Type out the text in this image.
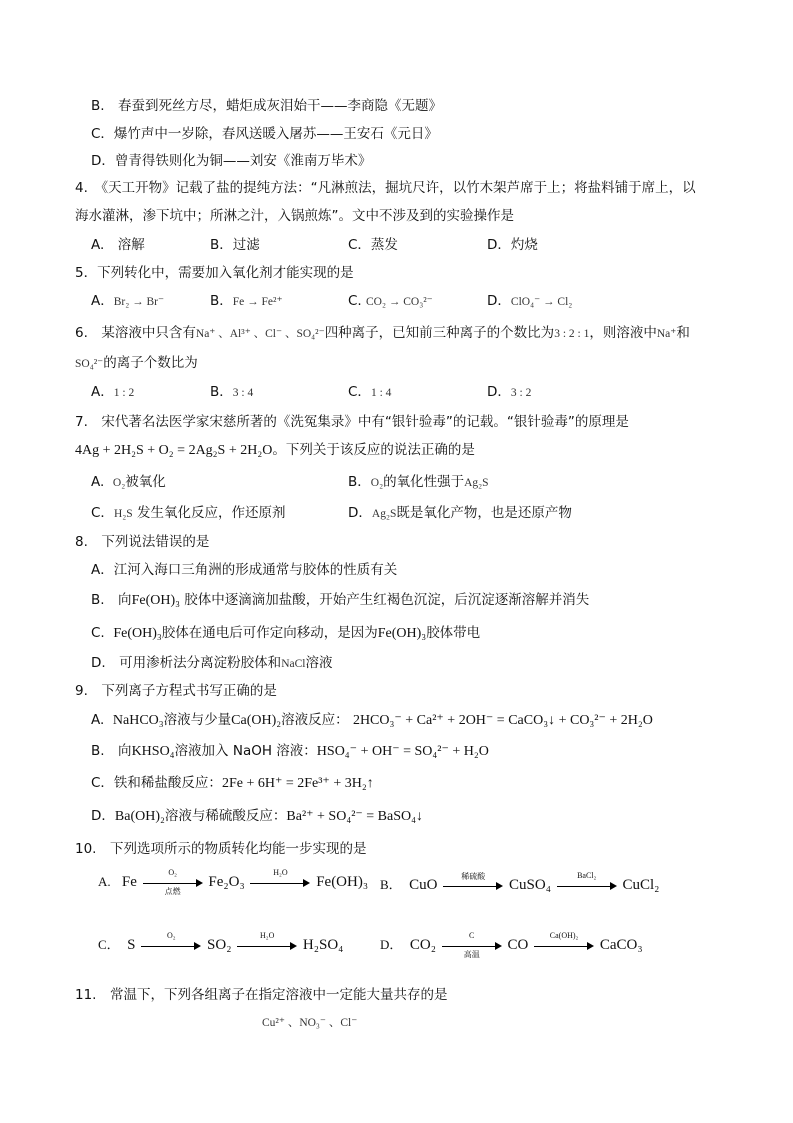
B.　春蚕到死丝方尽，蜡炬成灰泪始干——李商隐《无题》
C．爆竹声中一岁除，春风送暖入屠苏——王安石《元日》
D．曾青得铁则化为铜——刘安《淮南万毕术》
4.　《天工开物》记载了盐的提纯方法：“凡淋煎法，掘坑尺许，以竹木架芦席于上；将盐料铺于席上，以
海水灌淋，渗下坑中；所淋之汁，入锅煎炼”。文中不涉及到的实验操作是
A.　溶解	B．过滤	C．蒸发	D．灼烧
5．下列转化中，需要加入氧化剂才能实现的是
A．Br₂ → Br⁻	B．Fe → Fe²⁺	C. CO₂ → CO₃²⁻	D．ClO₄⁻ → Cl₂
6.　某溶液中只含有Na⁺ 、Al³⁺ 、Cl⁻ 、SO₄²⁻四种离子，已知前三种离子的个数比为3 : 2 : 1，则溶液中Na⁺和
SO₄²⁻的离子个数比为
A．1 : 2	B．3 : 4	C．1 : 4	D．3 : 2
7.　宋代著名法医学家宋慈所著的《洗冤集录》中有“银针验毒”的记载。“银针验毒”的原理是
4Ag + 2H₂S + O₂ = 2Ag₂S + 2H₂O。下列关于该反应的说法正确的是
A. O₂被氧化	B．O₂的氧化性强于Ag₂S
C．H₂S 发生氧化反应，作还原剂	D．Ag₂S既是氧化产物，也是还原产物
8.　下列说法错误的是
A．江河入海口三角洲的形成通常与胶体的性质有关
B.　向Fe(OH)₃ 胶体中逐滴滴加盐酸，开始产生红褐色沉淀，后沉淀逐渐溶解并消失
C. Fe(OH)₃胶体在通电后可作定向移动，是因为Fe(OH)₃胶体带电
D.　可用渗析法分离淀粉胶体和NaCl溶液
9.　下列离子方程式书写正确的是
A. NaHCO₃溶液与少量Ca(OH)₂溶液反应： 2HCO₃⁻ + Ca²⁺ + 2OH⁻ = CaCO₃↓ + CO₃²⁻ + 2H₂O
B.　向KHSO₄溶液加入 NaOH 溶液：HSO₄⁻ + OH⁻ = SO₄²⁻ + H₂O
C．铁和稀盐酸反应：2Fe + 6H⁺ = 2Fe³⁺ + 3H₂↑
D．Ba(OH)₂溶液与稀硫酸反应：Ba²⁺ + SO₄²⁻ = BaSO₄↓
10.　下列选项所示的物质转化均能一步实现的是
A. Fe
O₂
点燃
Fe₂O₃
H₂O
Fe(OH)₃ B． CuO
稀硫酸
CuSO₄
BaCl₂
CuCl₂
C． S
O₂
SO₂
H₂O
H₂SO₄	D． CO₂
C
高温
CO
Ca(OH)₂
CaCO₃
11.　常温下，下列各组离子在指定溶液中一定能大量共存的是
Cu²⁺ 、NO₃⁻ 、Cl⁻
